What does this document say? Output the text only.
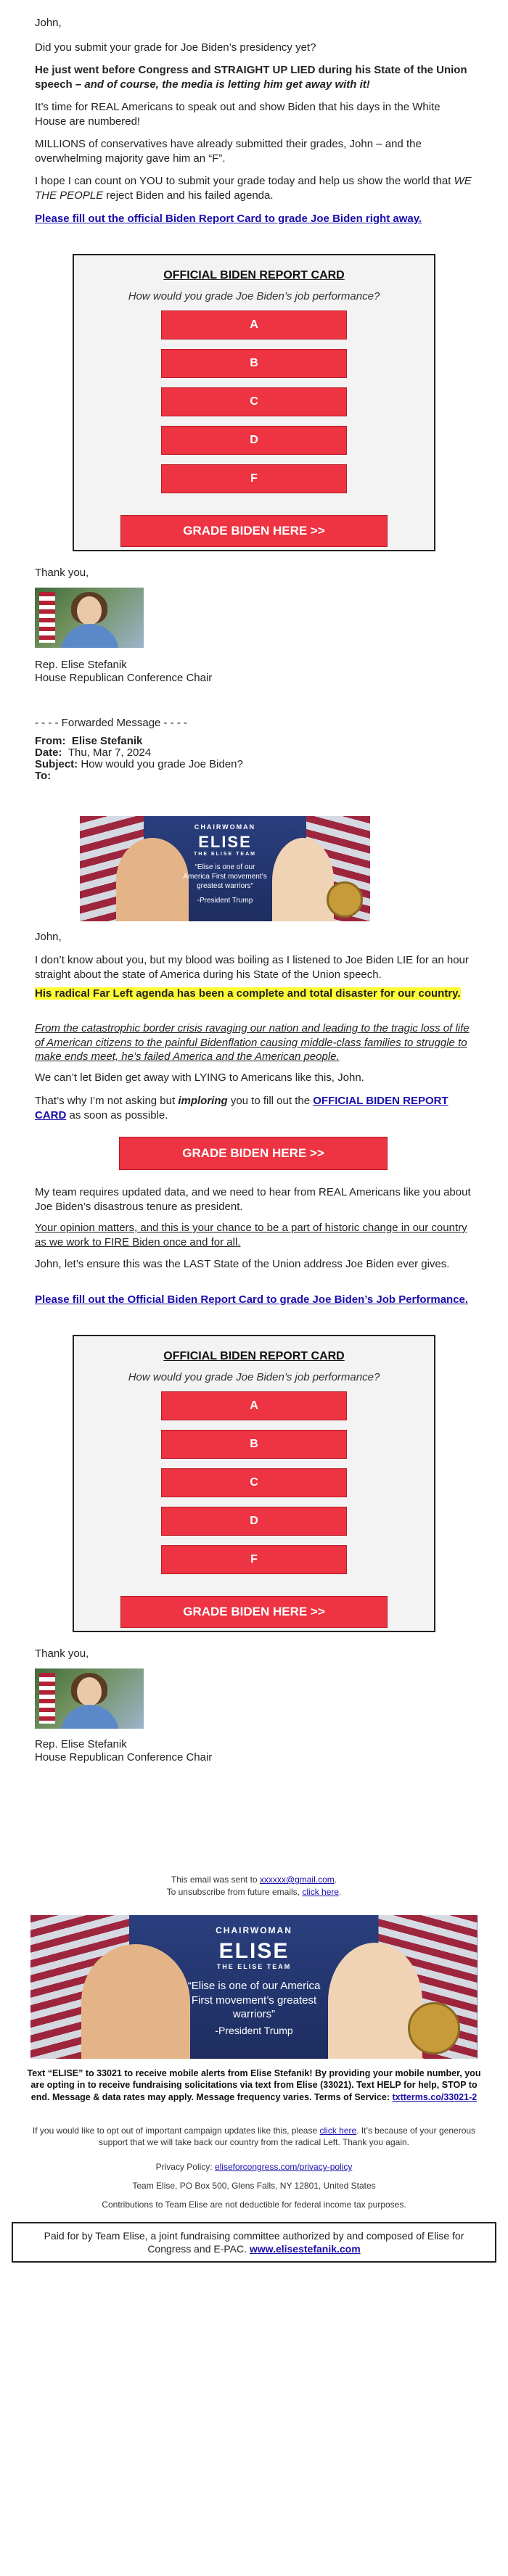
John,

Did you submit your grade for Joe Biden’s presidency yet?

He just went before Congress and STRAIGHT UP LIED during his State of the Union speech – and of course, the media is letting him get away with it!

It’s time for REAL Americans to speak out and show Biden that his days in the White House are numbered!

MILLIONS of conservatives have already submitted their grades, John – and the overwhelming majority gave him an “F”.

I hope I can count on YOU to submit your grade today and help us show the world that WE THE PEOPLE reject Biden and his failed agenda.

Please fill out the official Biden Report Card to grade Joe Biden right away.

OFFICIAL BIDEN REPORT CARD
How would you grade Joe Biden’s job performance?
A
B
C
D
F
GRADE BIDEN HERE >>

Thank you,

Rep. Elise Stefanik

House Republican Conference Chair

- - - - Forwarded Message - - - -

From: Elise Stefanik

Date: Thu, Mar 7, 2024

Subject: How would you grade Joe Biden?

To:

CHAIRWOMAN
ELISE
THE ELISE TEAM
“Elise is one of our America First movement’s greatest warriors”
-President Trump

John,

I don’t know about you, but my blood was boiling as I listened to Joe Biden LIE for an hour straight about the state of America during his State of the Union speech.

His radical Far Left agenda has been a complete and total disaster for our country.

From the catastrophic border crisis ravaging our nation and leading to the tragic loss of life of American citizens to the painful Bidenflation causing middle-class families to struggle to make ends meet, he’s failed America and the American people.

We can’t let Biden get away with LYING to Americans like this, John.

That’s why I’m not asking but imploring you to fill out the OFFICIAL BIDEN REPORT CARD as soon as possible.

GRADE BIDEN HERE >>

My team requires updated data, and we need to hear from REAL Americans like you about Joe Biden’s disastrous tenure as president.

Your opinion matters, and this is your chance to be a part of historic change in our country as we work to FIRE Biden once and for all.

John, let’s ensure this was the LAST State of the Union address Joe Biden ever gives.

Please fill out the Official Biden Report Card to grade Joe Biden’s Job Performance.

OFFICIAL BIDEN REPORT CARD
How would you grade Joe Biden’s job performance?
A
B
C
D
F
GRADE BIDEN HERE >>

Thank you,

Rep. Elise Stefanik

House Republican Conference Chair

This email was sent to xxxxxx@gmail.com.

To unsubscribe from future emails, click here.

CHAIRWOMAN
ELISE
THE ELISE TEAM
“Elise is one of our America First movement’s greatest warriors”
-President Trump

Text “ELISE” to 33021 to receive mobile alerts from Elise Stefanik! By providing your mobile number, you are opting in to receive fundraising solicitations via text from Elise (33021). Text HELP for help, STOP to end. Message & data rates may apply. Message frequency varies. Terms of Service: txtterms.co/33021-2

If you would like to opt out of important campaign updates like this, please click here. It’s because of your generous support that we will take back our country from the radical Left. Thank you again.

Privacy Policy: eliseforcongress.com/privacy-policy

Team Elise, PO Box 500, Glens Falls, NY 12801, United States

Contributions to Team Elise are not deductible for federal income tax purposes.

Paid for by Team Elise, a joint fundraising committee authorized by and composed of Elise for Congress and E-PAC. www.elisestefanik.com
